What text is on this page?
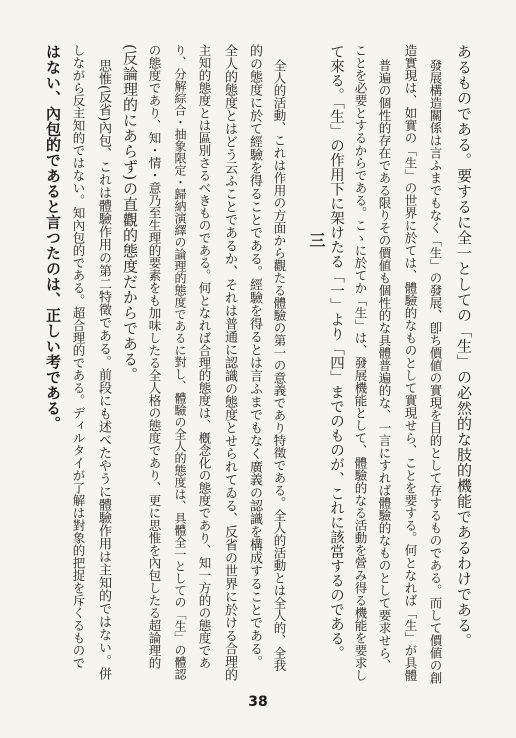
あるものである。要するに全一としての「生」の必然的な肢的機能であるわけである。
發展構造關係は言ふまでもなく「生」の發展、卽ち價値の實現を目的として存するものである。而して價値の創
造實現は、如實の「生」の世界に於ては、體驗的なものとして實現せら、ことを要する。何となれば「生」が具體
普遍の個性的存在である限りその價値も個性的な具體普遍的な、一言にすれば體驗的なものとして要求せら、
ことを必要とするからである。こゝに於てか「生」は、發展機能として、體驗的なる活動を營み得る機能を要求し
て來る。「生」の作用下に架けたる「一」より「四」までのものが、これに該當するのである。
三
全人的活動、これは作用の方面から觀たる體驗の第一の意義であり特徵である。全人的活動とは全人的、全我
的の態度に於て經驗を得ることである。經驗を得るとは言ふまでもなく廣義の認識を構成することである。
全人的態度とはどう云ふことであるか、それは普通に認識の態度とせられてゐる、反省の世界に於ける合理的
主知的態度とは區別さるべきものである。何となれば合理的態度は、槪念化の態度であり、知一方的の態度であ
り、分解綜合・抽象限定・歸納演繹の論理的態度であるに對し、體驗の全人的態度は、具體全一としての「生」の體認
の態度であり、知・情・意乃至生理的要素をも加味したる全人格の態度であり、更に思惟を內包したる超論理的
(反論理的にあらず)の直觀的態度だからである。
思惟(反省)內包、これは體驗作用の第二特徵である。前段にも述べたやうに體驗作用は主知的ではない。併
しながら反主知的ではない。知內包的である。超合理的である。ディルタイが了解は對象的把捉を斥くるもので
はない、內包的であると言つたのは、正しい考である。
38
